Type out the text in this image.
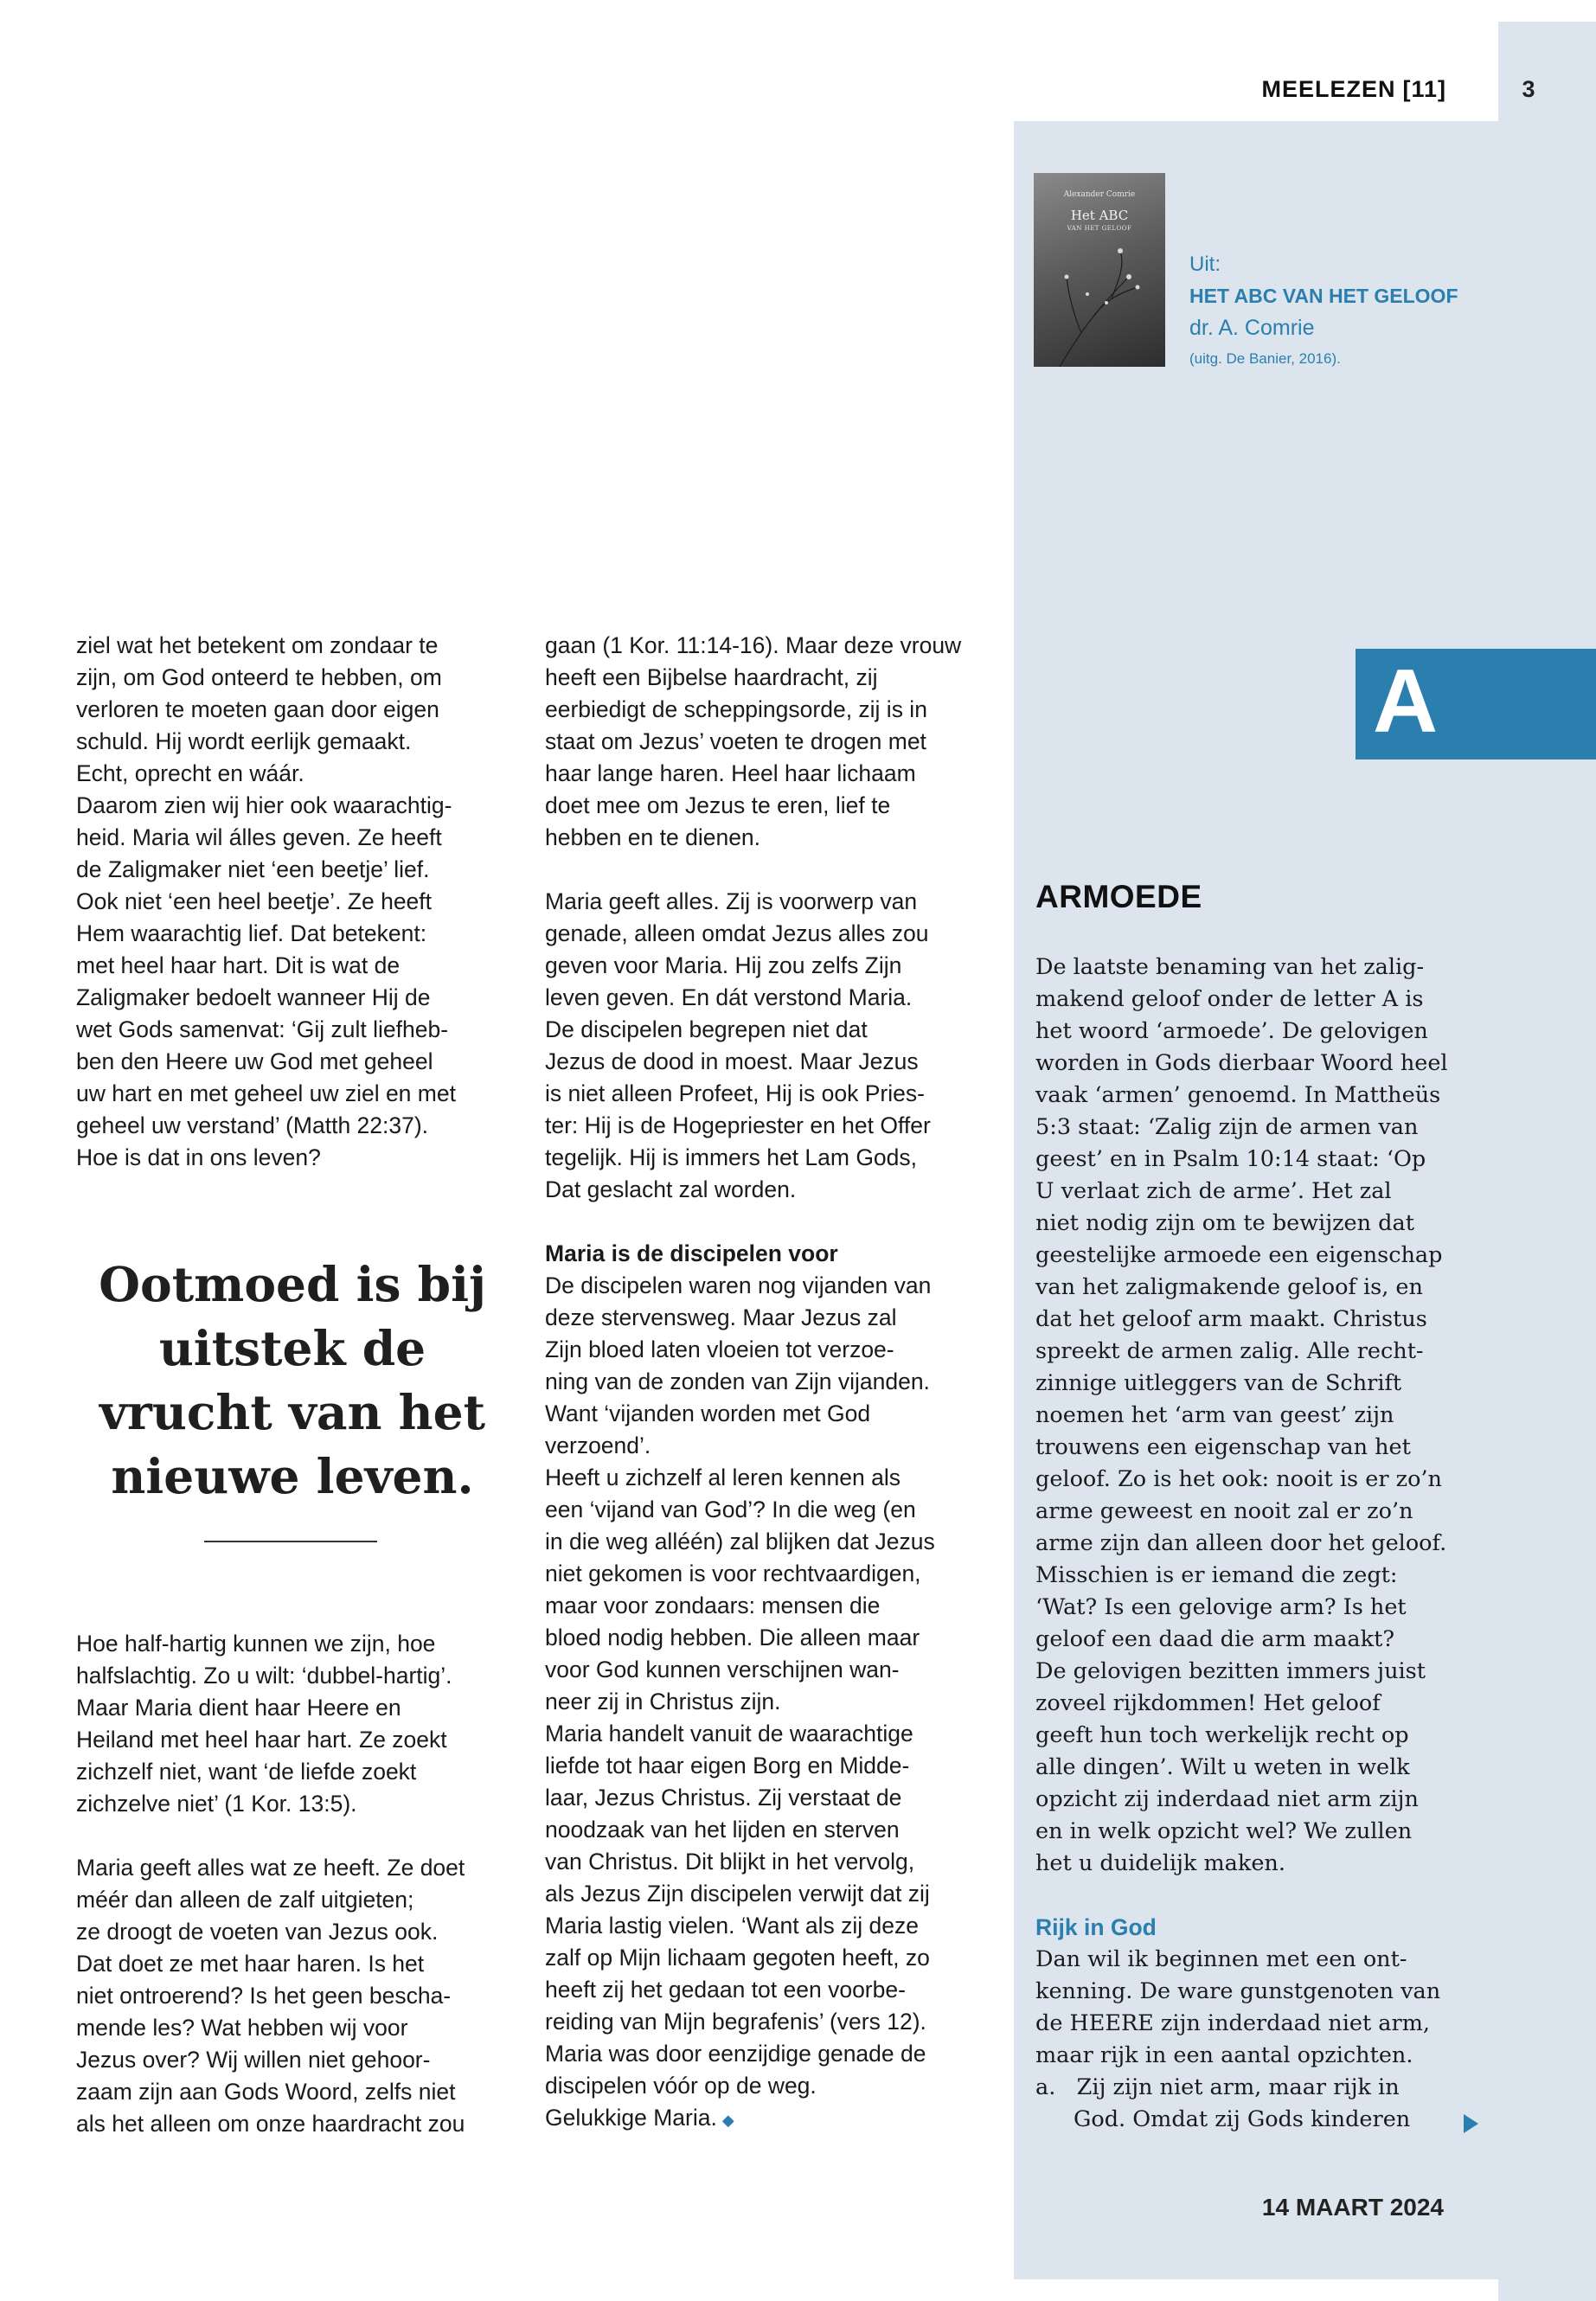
3
MEELEZEN [11]
Alexander Comrie
Het ABC
VAN HET GELOOF
Uit:
HET ABC VAN HET GELOOF
dr. A. Comrie
(uitg. De Banier, 2016).
A

ziel wat het betekent om zondaar te

zijn, om God onteerd te hebben, om

verloren te moeten gaan door eigen

schuld. Hij wordt eerlijk gemaakt.

Echt, oprecht en wáár.

Daarom zien wij hier ook waarachtig-

heid. Maria wil álles geven. Ze heeft

de Zaligmaker niet ‘een beetje’ lief.

Ook niet ‘een heel beetje’. Ze heeft

Hem waarachtig lief. Dat betekent:

met heel haar hart. Dit is wat de

Zaligmaker bedoelt wanneer Hij de

wet Gods samenvat: ‘Gij zult liefheb-

ben den Heere uw God met geheel

uw hart en met geheel uw ziel en met

geheel uw verstand’ (Matth 22:37).

Hoe is dat in ons leven?

Ootmoed is bij uitstek de vrucht van het nieuwe leven.

Hoe half-hartig kunnen we zijn, hoe

halfslachtig. Zo u wilt: ‘dubbel-hartig’.

Maar Maria dient haar Heere en

Heiland met heel haar hart. Ze zoekt

zichzelf niet, want ‘de liefde zoekt

zichzelve niet’ (1 Kor. 13:5).

Maria geeft alles wat ze heeft. Ze doet

méér dan alleen de zalf uitgieten;

ze droogt de voeten van Jezus ook.

Dat doet ze met haar haren. Is het

niet ontroerend? Is het geen bescha-

mende les? Wat hebben wij voor

Jezus over? Wij willen niet gehoor-

zaam zijn aan Gods Woord, zelfs niet

als het alleen om onze haardracht zou

gaan (1 Kor. 11:14-16). Maar deze vrouw

heeft een Bijbelse haardracht, zij

eerbiedigt de scheppingsorde, zij is in

staat om Jezus’ voeten te drogen met

haar lange haren. Heel haar lichaam

doet mee om Jezus te eren, lief te

hebben en te dienen.

Maria geeft alles. Zij is voorwerp van

genade, alleen omdat Jezus alles zou

geven voor Maria. Hij zou zelfs Zijn

leven geven. En dát verstond Maria.

De discipelen begrepen niet dat

Jezus de dood in moest. Maar Jezus

is niet alleen Profeet, Hij is ook Pries-

ter: Hij is de Hogepriester en het Offer

tegelijk. Hij is immers het Lam Gods,

Dat geslacht zal worden.

Maria is de discipelen voor

De discipelen waren nog vijanden van

deze stervensweg. Maar Jezus zal

Zijn bloed laten vloeien tot verzoe-

ning van de zonden van Zijn vijanden.

Want ‘vijanden worden met God

verzoend’.

Heeft u zichzelf al leren kennen als

een ‘vijand van God’? In die weg (en

in die weg alléén) zal blijken dat Jezus

niet gekomen is voor rechtvaardigen,

maar voor zondaars: mensen die

bloed nodig hebben. Die alleen maar

voor God kunnen verschijnen wan-

neer zij in Christus zijn.

Maria handelt vanuit de waarachtige

liefde tot haar eigen Borg en Midde-

laar, Jezus Christus. Zij verstaat de

noodzaak van het lijden en sterven

van Christus. Dit blijkt in het vervolg,

als Jezus Zijn discipelen verwijt dat zij

Maria lastig vielen. ‘Want als zij deze

zalf op Mijn lichaam gegoten heeft, zo

heeft zij het gedaan tot een voorbe-

reiding van Mijn begrafenis’ (vers 12).

Maria was door eenzijdige genade de

discipelen vóór op de weg.

Gelukkige Maria. ◆

ARMOEDE

De laatste benaming van het zalig-

makend geloof onder de letter A is

het woord ‘armoede’. De gelovigen

worden in Gods dierbaar Woord heel

vaak ‘armen’ genoemd. In Mattheüs

5:3 staat: ‘Zalig zijn de armen van

geest’ en in Psalm 10:14 staat: ‘Op

U verlaat zich de arme’. Het zal

niet nodig zijn om te bewijzen dat

geestelijke armoede een eigenschap

van het zaligmakende geloof is, en

dat het geloof arm maakt. Christus

spreekt de armen zalig. Alle recht-

zinnige uitleggers van de Schrift

noemen het ‘arm van geest’ zijn

trouwens een eigenschap van het

geloof. Zo is het ook: nooit is er zo’n

arme geweest en nooit zal er zo’n

arme zijn dan alleen door het geloof.

Misschien is er iemand die zegt:

‘Wat? Is een gelovige arm? Is het

geloof een daad die arm maakt?

De gelovigen bezitten immers juist

zoveel rijkdommen! Het geloof

geeft hun toch werkelijk recht op

alle dingen’. Wilt u weten in welk

opzicht zij inderdaad niet arm zijn

en in welk opzicht wel? We zullen

het u duidelijk maken.

Rijk in God

Dan wil ik beginnen met een ont-

kenning. De ware gunstgenoten van

de HEERE zijn inderdaad niet arm,

maar rijk in een aantal opzichten.

a.   Zij zijn niet arm, maar rijk in

God. Omdat zij Gods kinderen

14 MAART 2024
